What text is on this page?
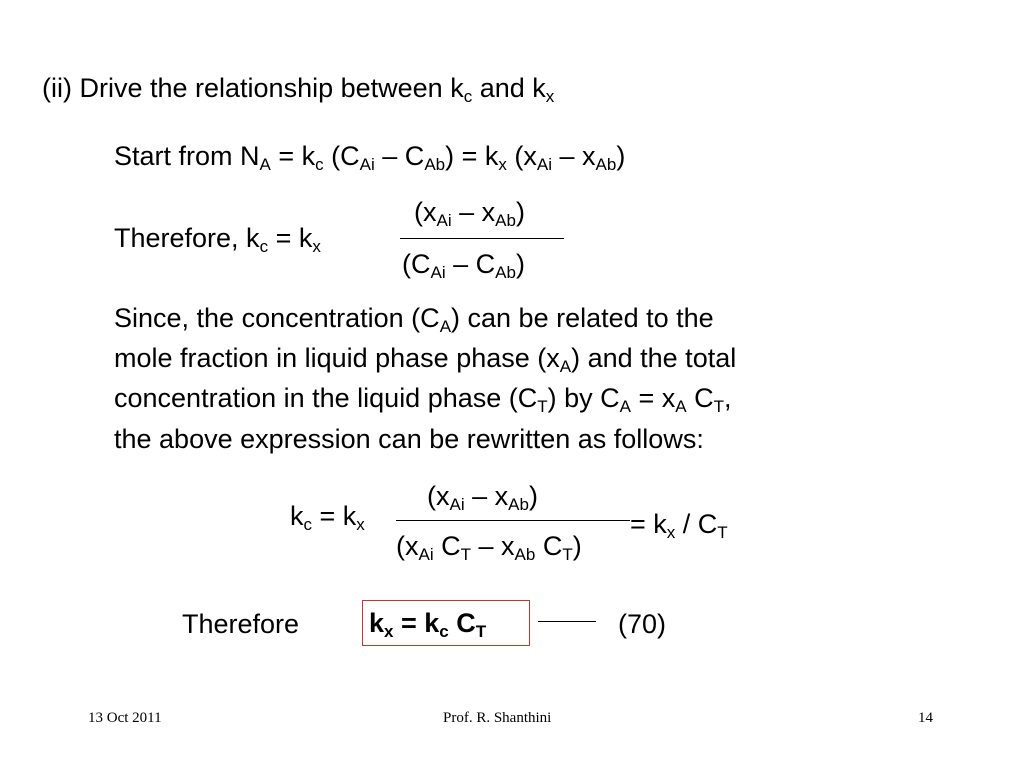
(ii) Drive the relationship between $k_c$ and $k_x$
Start from $N_A = k_c$ $(C_{Ai} - C_{Ab}) = k_x$ $(x_{Ai} - x_{Ab})$
Therefore, $k_c = k_x$
$(x_{Ai} - x_{Ab})$
$(C_{Ai} - C_{Ab})$
Since, the concentration $(C_A)$ can be related to the
mole fraction in liquid phase phase $(x_A)$ and the total
concentration in the liquid phase $(C_T)$ by $C_A = x_A$ $C_T$,
the above expression can be rewritten as follows:
$k_c = k_x$
$(x_{Ai} - x_{Ab})$
($x_{Ai}$ $C_T - x_{Ab}$ $C_T$)
= $k_x / C_T$
Therefore	$k_x = k_c$ $C_T$	(70)
13 Oct 2011	Prof. R. Shanthini	14
